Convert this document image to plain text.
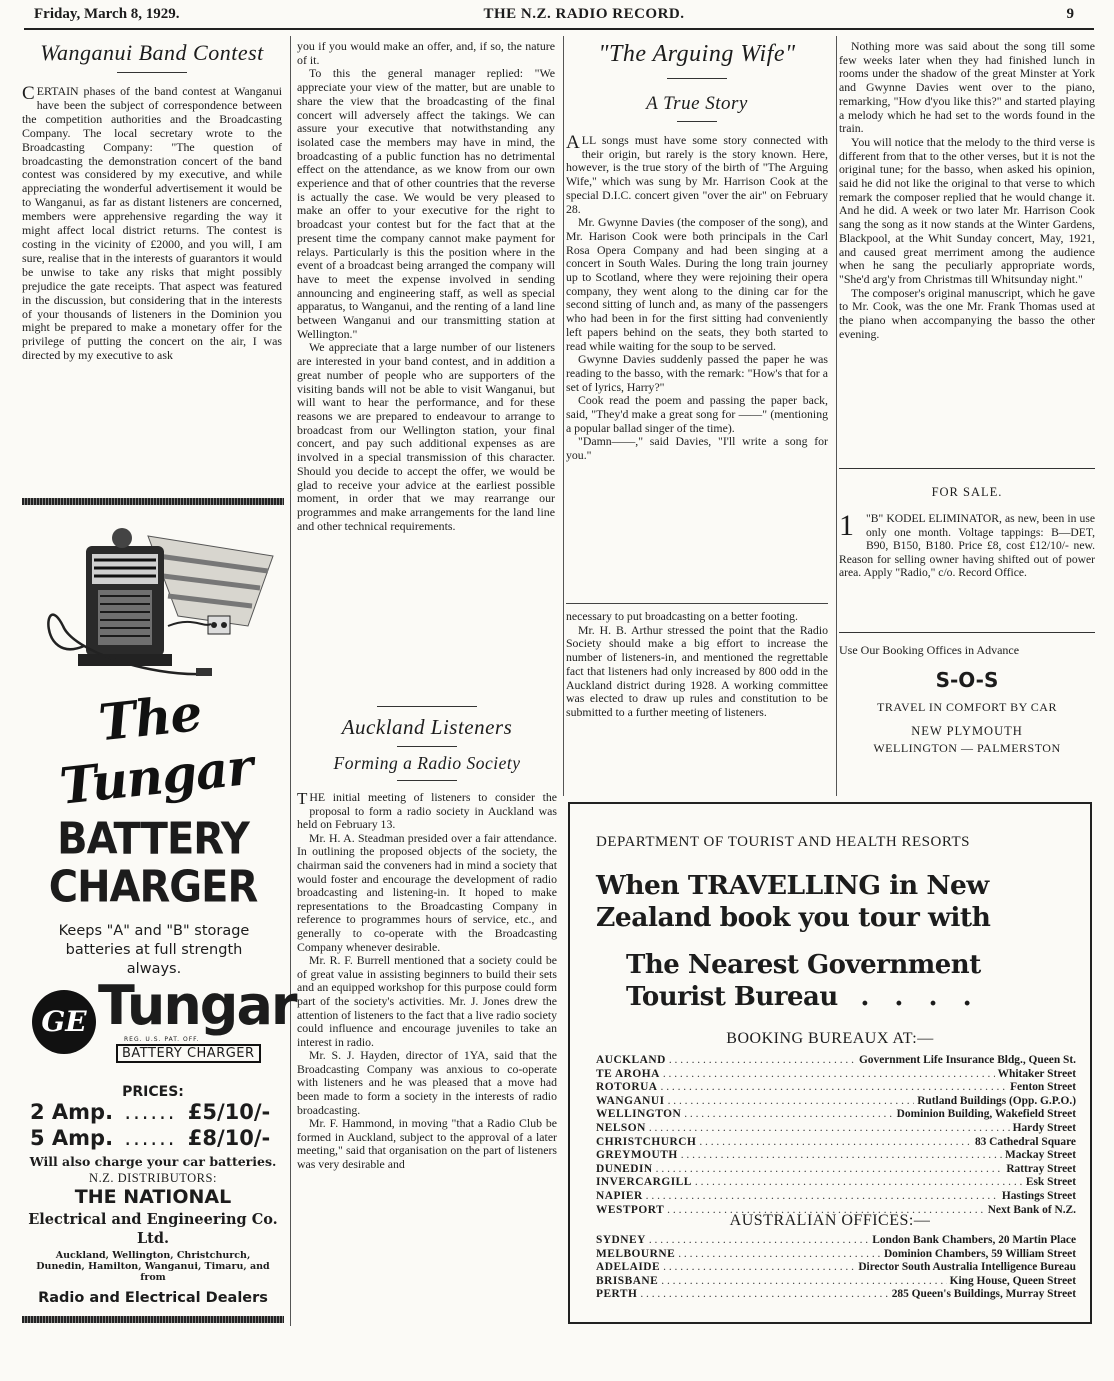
Friday, March 8, 1929.	THE N.Z. RADIO RECORD.	9
Wanganui Band Contest
CERTAIN phases of the band contest at Wanganui have been the subject of correspondence between the competition authorities and the Broadcasting Company. The local secretary wrote to the Broadcasting Company: "The question of broadcasting the demonstration concert of the band contest was considered by my executive, and while appreciating the wonderful advertisement it would be to Wanganui, as far as distant listeners are concerned, members were apprehensive regarding the way it might affect local district returns. The contest is costing in the vicinity of £2000, and you will, I am sure, realise that in the interests of guarantors it would be unwise to take any risks that might possibly prejudice the gate receipts. That aspect was featured in the discussion, but considering that in the interests of your thousands of listeners in the Dominion you might be prepared to make a monetary offer for the privilege of putting the concert on the air, I was directed by my executive to ask

you if you would make an offer, and, if so, the nature of it.

To this the general manager replied: "We appreciate your view of the matter, but are unable to share the view that the broadcasting of the final concert will adversely affect the takings. We can assure your executive that notwithstanding any isolated case the members may have in mind, the broadcasting of a public function has no detrimental effect on the attendance, as we know from our own experience and that of other countries that the reverse is actually the case. We would be very pleased to make an offer to your executive for the right to broadcast your contest but for the fact that at the present time the company cannot make payment for relays. Particularly is this the position where in the event of a broadcast being arranged the company will have to meet the expense involved in sending announcing and engineering staff, as well as special apparatus, to Wanganui, and the renting of a land line between Wanganui and our transmitting station at Wellington."

We appreciate that a large number of our listeners are interested in your band contest, and in addition a great number of people who are supporters of the visiting bands will not be able to visit Wanganui, but will want to hear the performance, and for these reasons we are prepared to endeavour to arrange to broadcast from our Wellington station, your final concert, and pay such additional expenses as are involved in a special transmission of this character. Should you decide to accept the offer, we would be glad to receive your advice at the earliest possible moment, in order that we may rearrange our programmes and make arrangements for the land line and other technical requirements.

The Tungar
BATTERY
CHARGER
Keeps "A" and "B" storage batteries at full strength always.
GE Tungar
REG. U.S. PAT. OFF.
BATTERY CHARGER
PRICES:
2 Amp. ...... £5/10/-
5 Amp. ...... £8/10/-
Will also charge your car batteries.
N.Z. DISTRIBUTORS:
THE NATIONAL
Electrical and Engineering Co. Ltd.
Auckland, Wellington, Christchurch, Dunedin, Hamilton, Wanganui, Timaru, and from
Radio and Electrical Dealers
Auckland Listeners
Forming a Radio Society

T HE initial meeting of listeners to consider the proposal to form a radio society in Auckland was held on February 13.

Mr. H. A. Steadman presided over a fair attendance. In outlining the proposed objects of the society, the chairman said the conveners had in mind a society that would foster and encourage the development of radio broadcasting and listening-in. It hoped to make representations to the Broadcasting Company in reference to programmes hours of service, etc., and generally to co-operate with the Broadcasting Company whenever desirable.

Mr. R. F. Burrell mentioned that a society could be of great value in assisting beginners to build their sets and an equipped workshop for this purpose could form part of the society's activities. Mr. J. Jones drew the attention of listeners to the fact that a live radio society could influence and encourage juveniles to take an interest in radio.

Mr. S. J. Hayden, director of 1YA, said that the Broadcasting Company was anxious to co-operate with listeners and he was pleased that a move had been made to form a society in the interests of radio broadcasting.

Mr. F. Hammond, in moving "that a Radio Club be formed in Auckland, subject to the approval of a later meeting," said that organisation on the part of listeners was very desirable and

"The Arguing Wife"
A True Story

ALL songs must have some story connected with their origin, but rarely is the story known. Here, however, is the true story of the birth of "The Arguing Wife," which was sung by Mr. Harrison Cook at the special D.I.C. concert given "over the air" on February 28.

Mr. Gwynne Davies (the composer of the song), and Mr. Harison Cook were both principals in the Carl Rosa Opera Company and had been singing at a concert in South Wales. During the long train journey up to Scotland, where they were rejoining their opera company, they went along to the dining car for the second sitting of lunch and, as many of the passengers who had been in for the first sitting had conveniently left papers behind on the seats, they both started to read while waiting for the soup to be served.

Gwynne Davies suddenly passed the paper he was reading to the basso, with the remark: "How's that for a set of lyrics, Harry?"

Cook read the poem and passing the paper back, said, "They'd make a great song for ——" (mentioning a popular ballad singer of the time).

"Damn——," said Davies, "I'll write a song for you."

necessary to put broadcasting on a better footing.

Mr. H. B. Arthur stressed the point that the Radio Society should make a big effort to increase the number of listeners-in, and mentioned the regrettable fact that listeners had only increased by 800 odd in the Auckland district during 1928. A working committee was elected to draw up rules and constitution to be submitted to a further meeting of listeners.

Nothing more was said about the song till some few weeks later when they had finished lunch in rooms under the shadow of the great Minster at York and Gwynne Davies went over to the piano, remarking, "How d'you like this?" and started playing a melody which he had set to the words found in the train.

You will notice that the melody to the third verse is different from that to the other verses, but it is not the original tune; for the basso, when asked his opinion, said he did not like the original to that verse to which remark the composer replied that he would change it. And he did. A week or two later Mr. Harrison Cook sang the song as it now stands at the Winter Gardens, Blackpool, at the Whit Sunday concert, May, 1921, and caused great merriment among the audience when he sang the peculiarly appropriate words, "She'd arg'y from Christmas till Whitsunday night."

The composer's original manuscript, which he gave to Mr. Cook, was the one Mr. Frank Thomas used at the piano when accompanying the basso the other evening.

FOR SALE.
1 "B" KODEL ELIMINATOR, as new, been in use only one month. Voltage tappings: B—DET, B90, B150, B180. Price £8, cost £12/10/- new. Reason for selling owner having shifted out of power area. Apply "Radio," c/o. Record Office.
Use Our Booking Offices in Advance
S-O-S
TRAVEL IN COMFORT BY CAR
NEW PLYMOUTH
WELLINGTON — PALMERSTON
DEPARTMENT OF TOURIST AND HEALTH RESORTS
When TRAVELLING in New
Zealand book you tour with
The Nearest Government
Tourist Bureau . . . .
BOOKING BUREAUX AT:—
AUCKLAND . . .	Government Life Insurance Bldg., Queen St.
TE AROHA . . .	Whitaker Street
ROTORUA . . .	Fenton Street
WANGANUI . . .	Rutland Buildings (Opp. G.P.O.)
WELLINGTON . . .	Dominion Building, Wakefield Street
NELSON . . .	Hardy Street
CHRISTCHURCH . . .	83 Cathedral Square
GREYMOUTH . . .	Mackay Street
DUNEDIN . . .	Rattray Street
INVERCARGILL . . .	Esk Street
NAPIER . . .	Hastings Street
WESTPORT . . .	Next Bank of N.Z.
AUSTRALIAN OFFICES:—
SYDNEY . . .	London Bank Chambers, 20 Martin Place
MELBOURNE . . .	Dominion Chambers, 59 William Street
ADELAIDE . . .	Director South Australia Intelligence Bureau
BRISBANE . . .	King House, Queen Street
PERTH . . .	285 Queen's Buildings, Murray Street
